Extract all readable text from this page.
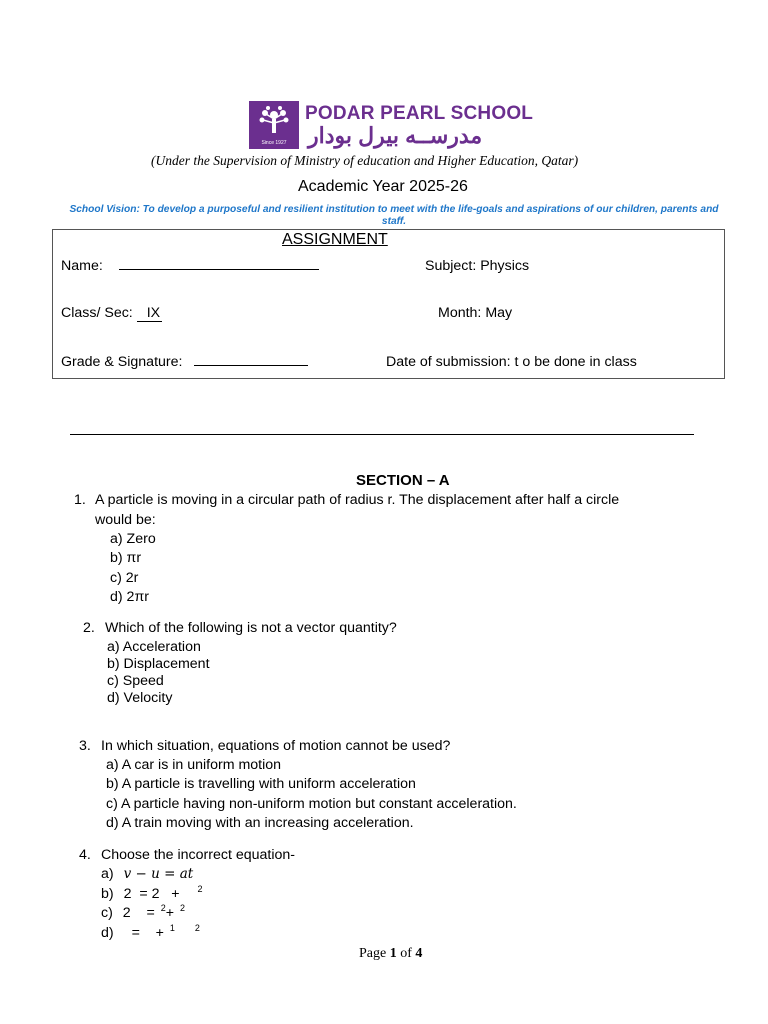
Since 1927
PODAR PEARL SCHOOL
مدرســه بيرل بودار
(Under the Supervision of Ministry of education and Higher Education, Qatar)
Academic Year 2025-26
School Vision: To develop a purposeful and resilient institution to meet with the life-goals and aspirations of our children, parents and staff.
ASSIGNMENT
Name:	Subject: Physics
Class/ Sec: IX	Month: May
Grade & Signature:	Date of submission: t o be done in class
SECTION – A
1. A particle is moving in a circular path of radius r. The displacement after half a circle
would be:
a) Zero
b) πr
c) 2r
d) 2πr
2. Which of the following is not a vector quantity?
a) Acceleration
b) Displacement
c) Speed
d) Velocity
3. In which situation, equations of motion cannot be used?
a) A car is in uniform motion
b) A particle is travelling with uniform acceleration
c) A particle having non-uniform motion but constant acceleration.
d) A train moving with an increasing acceleration.
4. Choose the incorrect equation-
a) v − u = at
b) 2  = 2   + $^2$
c) 2    = $^2$+ $^2$
d) =    + $^1$ $^2$
Page 1 of 4
